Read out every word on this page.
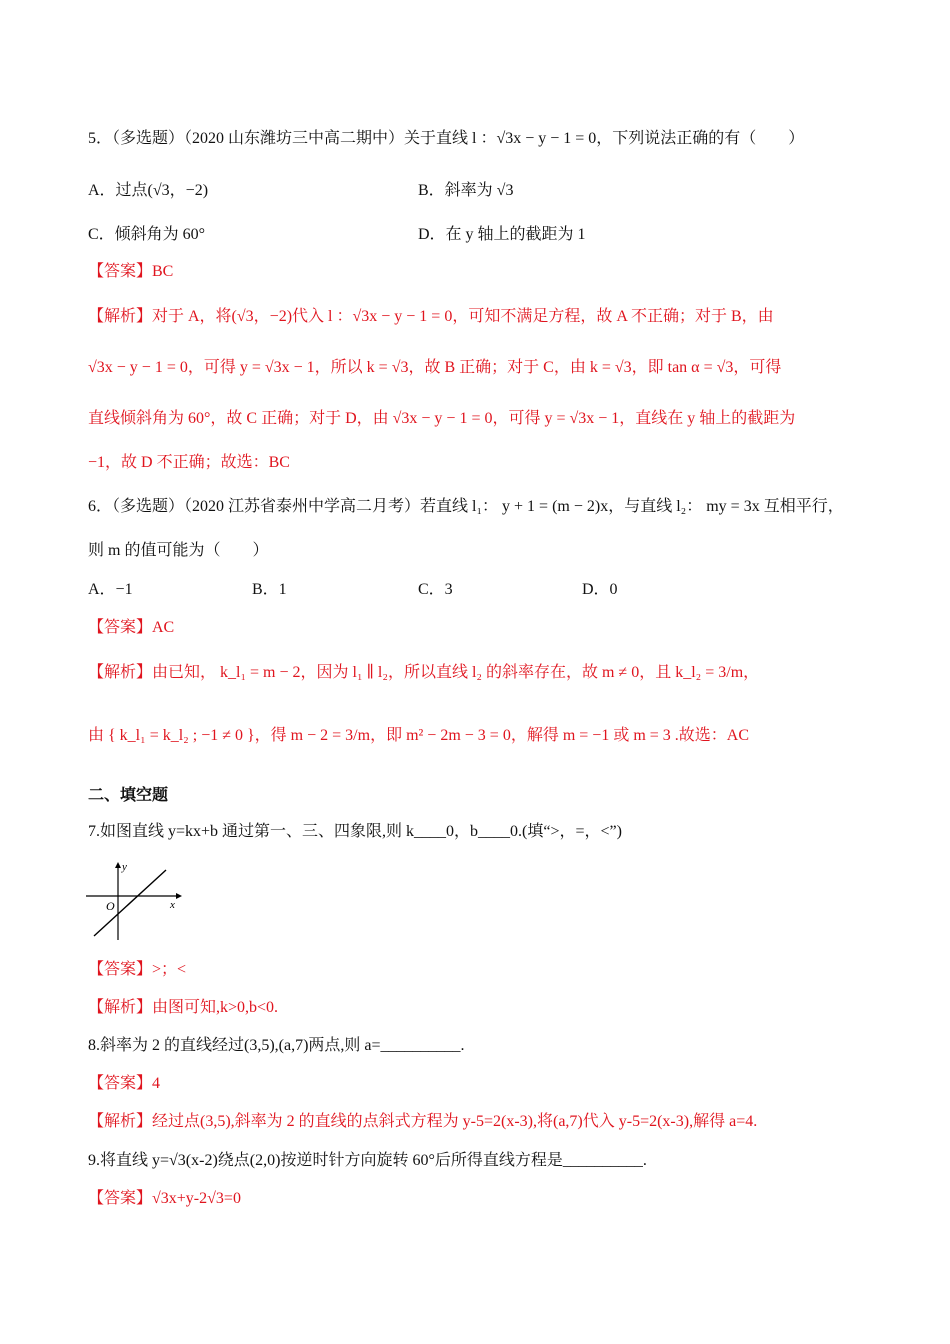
5．（多选题）（2020 山东潍坊三中高二期中）关于直线 l ：√3x − y − 1 = 0，下列说法正确的有（　　）
A．过点(√3，−2)	B．斜率为 √3
C．倾斜角为 60°	D．在 y 轴上的截距为 1
【答案】BC
【解析】对于 A，将(√3，−2)代入 l ：√3x − y − 1 = 0，可知不满足方程，故 A 不正确；对于 B，由
√3x − y − 1 = 0，可得 y = √3x − 1，所以 k = √3，故 B 正确；对于 C，由 k = √3，即 tan α = √3，可得
直线倾斜角为 60°，故 C 正确；对于 D，由 √3x − y − 1 = 0，可得 y = √3x − 1，直线在 y 轴上的截距为
−1，故 D 不正确；故选：BC
6．（多选题）（2020 江苏省泰州中学高二月考）若直线 l₁： y + 1 = (m − 2)x，与直线 l₂： my = 3x 互相平行，
则 m 的值可能为（　　）
A．−1	B．1	C．3	D．0
【答案】AC
【解析】由已知， k_l₁ = m − 2，因为 l₁ ∥ l₂，所以直线 l₂ 的斜率存在，故 m ≠ 0，且 k_l₂ = 3/m，
由 { k_l₁ = k_l₂ ; −1 ≠ 0 }，得 m − 2 = 3/m，即 m² − 2m − 3 = 0，解得 m = −1 或 m = 3 .故选：AC
二、填空题
7.如图直线 y=kx+b 通过第一、三、四象限,则 k____0，b____0.(填“>，=，<”)
y
x
O
【答案】>；<
【解析】由图可知,k>0,b<0.
8.斜率为 2 的直线经过(3,5),(a,7)两点,则 a=__________.
【答案】4
【解析】经过点(3,5),斜率为 2 的直线的点斜式方程为 y-5=2(x-3),将(a,7)代入 y-5=2(x-3),解得 a=4.
9.将直线 y=√3(x-2)绕点(2,0)按逆时针方向旋转 60°后所得直线方程是__________.
【答案】√3x+y-2√3=0
